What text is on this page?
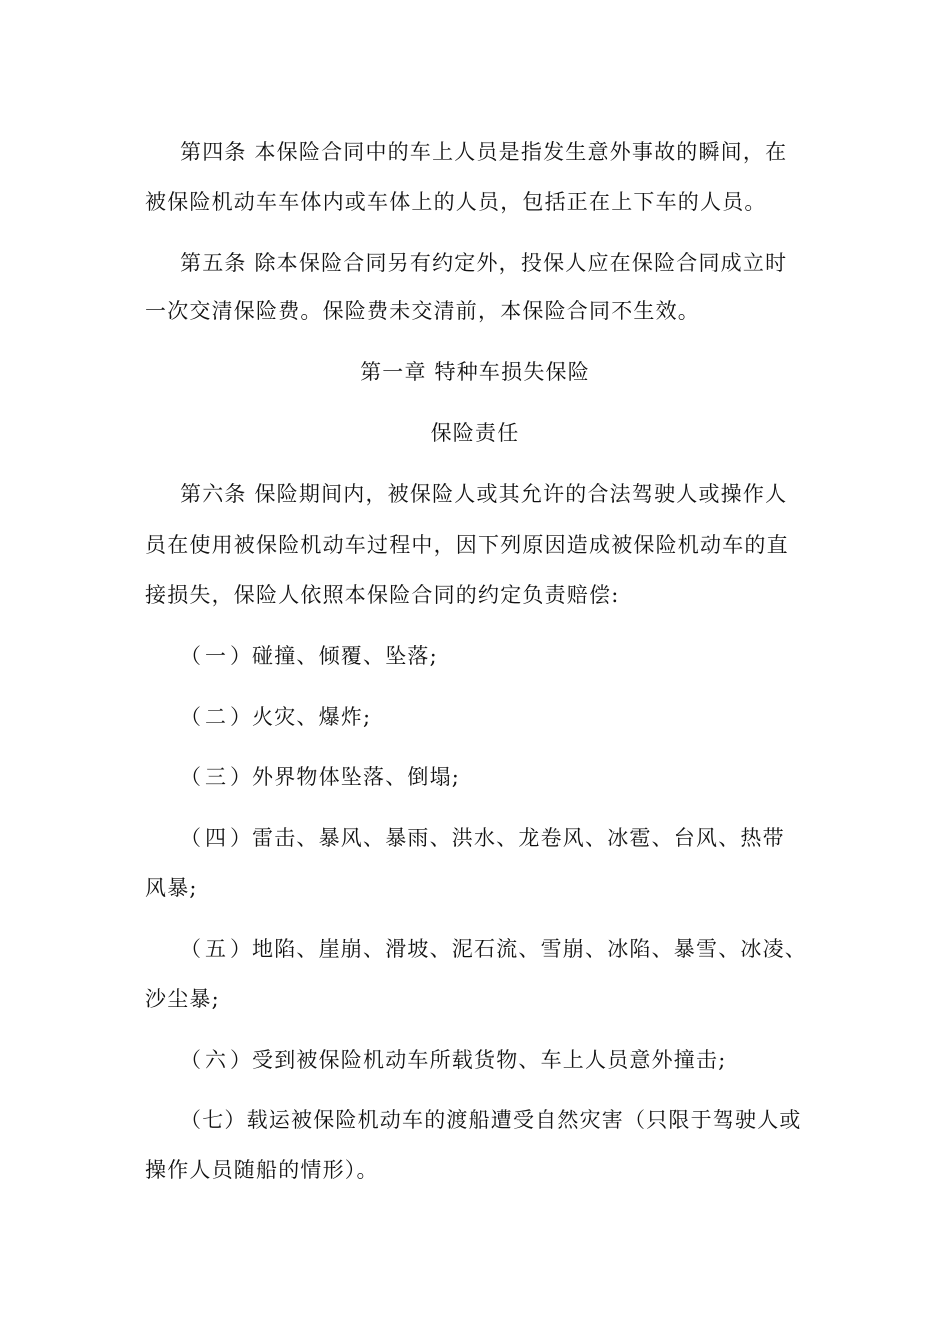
第四条 本保险合同中的车上人员是指发生意外事故的瞬间，在
被保险机动车车体内或车体上的人员，包括正在上下车的人员。
第五条 除本保险合同另有约定外，投保人应在保险合同成立时
一次交清保险费。保险费未交清前，本保险合同不生效。
第一章 特种车损失保险
保险责任
第六条 保险期间内，被保险人或其允许的合法驾驶人或操作人
员在使用被保险机动车过程中，因下列原因造成被保险机动车的直
接损失，保险人依照本保险合同的约定负责赔偿:
（一）碰撞、倾覆、坠落;
（二）火灾、爆炸;
（三）外界物体坠落、倒塌;
（四）雷击、暴风、暴雨、洪水、龙卷风、冰雹、台风、热带
风暴;
（五）地陷、崖崩、滑坡、泥石流、雪崩、冰陷、暴雪、冰凌、
沙尘暴;
（六）受到被保险机动车所载货物、车上人员意外撞击;
（七）载运被保险机动车的渡船遭受自然灾害（只限于驾驶人或
操作人员随船的情形）。
